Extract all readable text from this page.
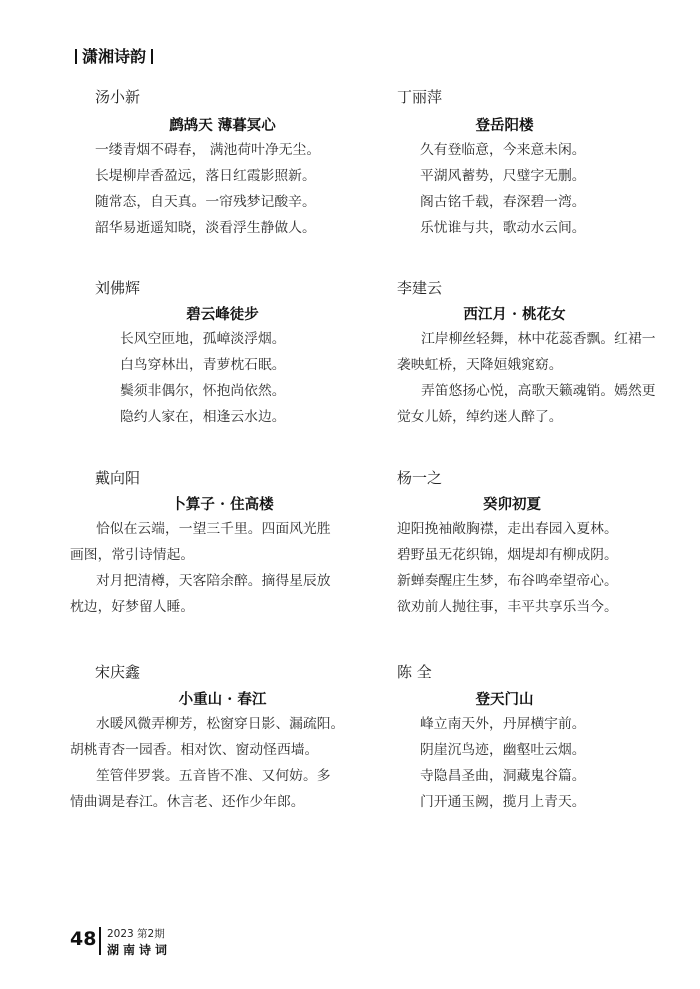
潇湘诗韵
汤小新
鹧鸪天 薄暮冥心

一缕青烟不碍春， 满池荷叶净无尘。

长堤柳岸香盈远，落日红霞影照新。

随常态，自天真。一帘残梦记酸辛。

韶华易逝遥知晓，淡看浮生静做人。

丁丽萍
登岳阳楼

久有登临意，今来意未闲。

平湖风蓄势，尺璧字无删。

阁古铭千载，春深碧一湾。

乐忧谁与共，歌动水云间。

刘佛辉
碧云峰徒步

长风空匝地，孤嶂淡浮烟。

白鸟穿林出，青萝枕石眠。

鬓须非偶尔，怀抱尚依然。

隐约人家在，相逢云水边。

李建云
西江月 · 桃花女

江岸柳丝轻舞，林中花蕊香飘。红裙一

袭映虹桥，天降姮娥窕窈。

弄笛悠扬心悦，高歌天籁魂销。嫣然更

觉女儿娇，绰约迷人醉了。

戴向阳
卜算子 · 住高楼

恰似在云端，一望三千里。四面风光胜

画图，常引诗情起。

对月把清樽，天客陪余醉。摘得星辰放

枕边，好梦留人睡。

杨一之
癸卯初夏

迎阳挽袖敞胸襟，走出春园入夏林。

碧野虽无花织锦，烟堤却有柳成阴。

新蝉奏醒庄生梦，布谷鸣牵望帝心。

欲劝前人抛往事，丰平共享乐当今。

宋庆鑫
小重山 · 春江

水暖风微弄柳芳，松窗穿日影、漏疏阳。

胡桃青杏一园香。相对饮、窗动怪西墙。

笙管伴罗裳。五音皆不准、又何妨。多

情曲调是春江。休言老、还作少年郎。

陈 全
登天门山

峰立南天外，丹屏横宇前。

阴崖沉鸟迹，幽壑吐云烟。

寺隐昌圣曲，洞藏鬼谷篇。

门开通玉阙，揽月上青天。

48 2023 第2期
湖南诗词
